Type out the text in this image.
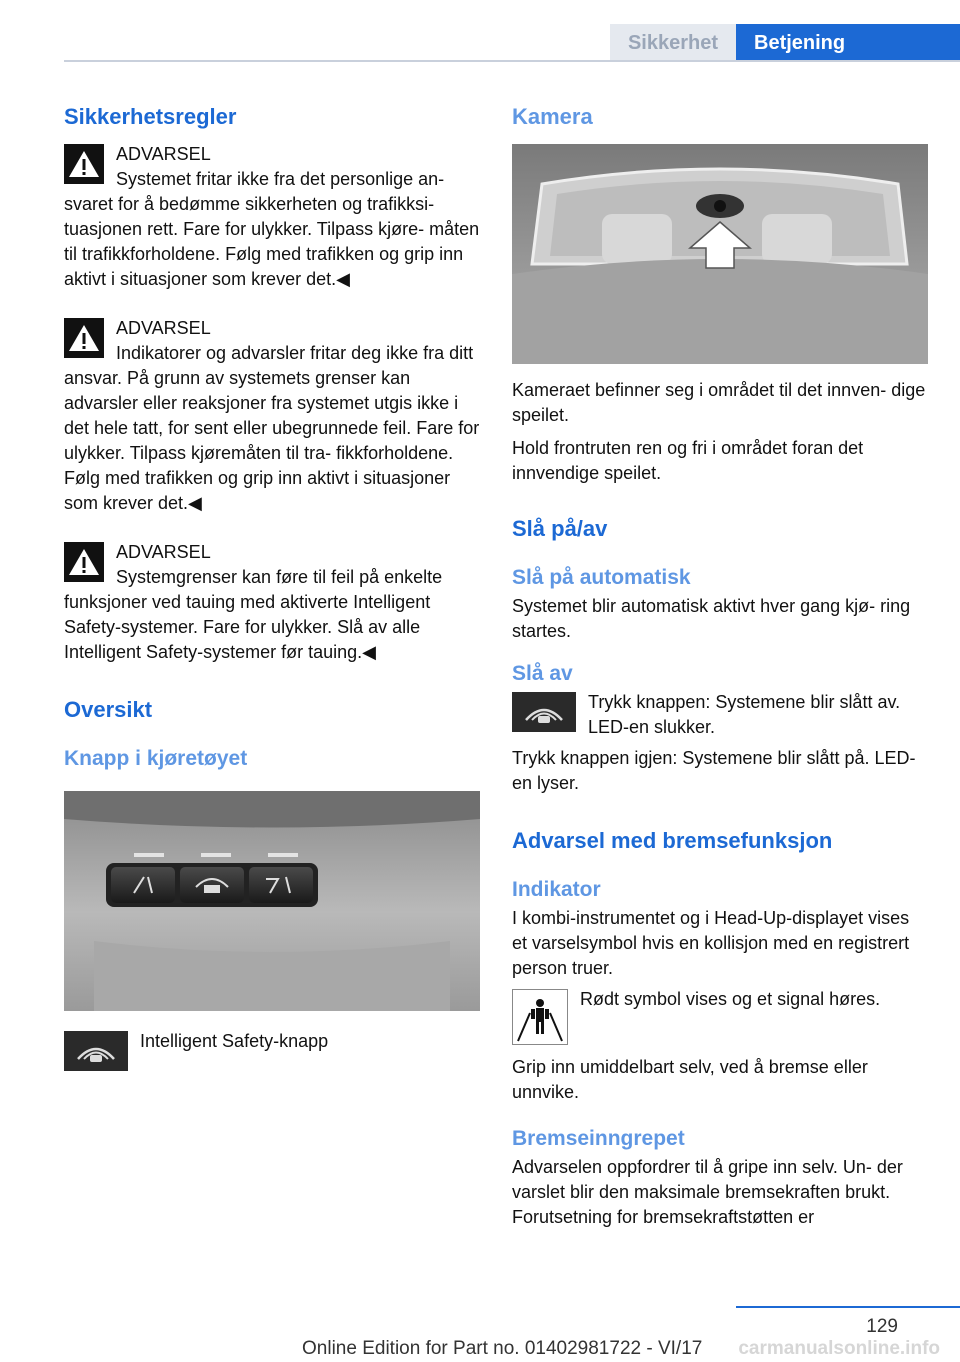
Sikkerhet Betjening
Sikkerhetsregler
ADVARSEL

Systemet fritar ikke fra det personlige an‐ svaret for å bedømme sikkerheten og trafikksi‐ tuasjonen rett. Fare for ulykker. Tilpass kjøre‐ måten til trafikkforholdene. Følg med trafikken og grip inn aktivt i situasjoner som krever det.◀

ADVARSEL

Indikatorer og advarsler fritar deg ikke fra ditt ansvar. På grunn av systemets grenser kan advarsler eller reaksjoner fra systemet utgis ikke i det hele tatt, for sent eller ubegrunnede feil. Fare for ulykker. Tilpass kjøremåten til tra‐ fikkforholdene. Følg med trafikken og grip inn aktivt i situasjoner som krever det.◀

ADVARSEL

Systemgrenser kan føre til feil på enkelte funksjoner ved tauing med aktiverte Intelligent Safety-systemer. Fare for ulykker. Slå av alle Intelligent Safety-systemer før tauing.◀

Oversikt
Knapp i kjøretøyet

Intelligent Safety-knapp

Kamera

Kameraet befinner seg i området til det innven‐ dige speilet.

Hold frontruten ren og fri i området foran det innvendige speilet.

Slå på/av
Slå på automatisk

Systemet blir automatisk aktivt hver gang kjø‐ ring startes.

Slå av

Trykk knappen: Systemene blir slått av. LED-en slukker.

Trykk knappen igjen: Systemene blir slått på. LED-en lyser.

Advarsel med bremsefunksjon
Indikator

I kombi-instrumentet og i Head-Up-displayet vises et varselsymbol hvis en kollisjon med en registrert person truer.

Rødt symbol vises og et signal høres.

Grip inn umiddelbart selv, ved å bremse eller unnvike.

Bremseinngrepet

Advarselen oppfordrer til å gripe inn selv. Un‐ der varslet blir den maksimale bremsekraften brukt. Forutsetning for bremsekraftstøtten er

129
Online Edition for Part no. 01402981722 - VI/17 carmanualsonline.info
